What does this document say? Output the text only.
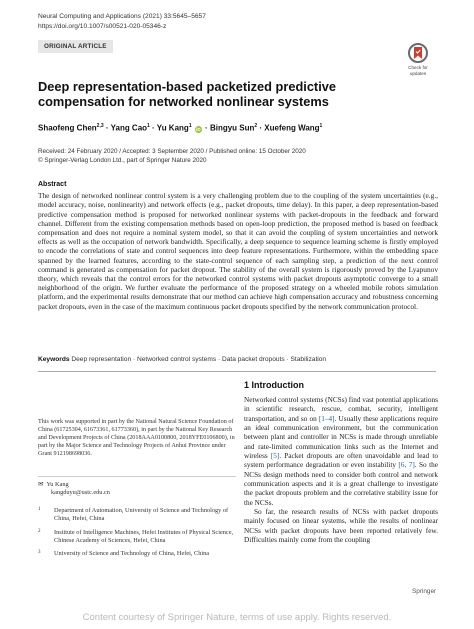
Neural Computing and Applications (2021) 33:5645–5657
https://doi.org/10.1007/s00521-020-05346-z
ORIGINAL ARTICLE
Check for
updates
Deep representation-based packetized predictive compensation for networked nonlinear systems
Shaofeng Chen$^{2,3}$ · Yang Cao$^1$ · Yu Kang$^1$ iD · Bingyu Sun$^2$ · Xuefeng Wang$^1$
Received: 24 February 2020 / Accepted: 3 September 2020 / Published online: 15 October 2020
© Springer-Verlag London Ltd., part of Springer Nature 2020
Abstract
The design of networked nonlinear control system is a very challenging problem due to the coupling of the system uncertainties (e.g., model accuracy, noise, nonlinearity) and network effects (e.g., packet dropouts, time delay). In this paper, a deep representation-based predictive compensation method is proposed for networked nonlinear systems with packet-dropouts in the feedback and forward channel. Different from the existing compensation methods based on open-loop prediction, the proposed method is based on feedback compensation and does not require a nominal system model, so that it can avoid the coupling of system uncertainties and network effects as well as the occupation of network bandwidth. Specifically, a deep sequence to sequence learning scheme is firstly employed to encode the correlations of state and control sequences into deep feature representations. Furthermore, within the embedding space spanned by the learned features, according to the state-control sequence of each sampling step, a prediction of the next control command is generated as compensation for packet dropout. The stability of the overall system is rigorously proved by the Lyapunov theory, which reveals that the control errors for the networked control systems with packet dropouts asymptotic converge to a small neighborhood of the origin. We further evaluate the performance of the proposed strategy on a wheeled mobile robots simulation platform, and the experimental results demonstrate that our method can achieve high compensation accuracy and robustness concerning packet dropouts, even in the case of the maximum continuous packet dropouts specified by the network communication protocol.
Keywords Deep representation · Networked control systems · Data packet dropouts · Stabilization
This work was supported in part by the National Natural Science Foundation of China (61725304, 61673361, 61773360), in part by the National Key Research and Development Projects of China (2018AAA0100800, 2018YFE0106800), in part by the Major Science and Technology Projects of Anhui Province under Grant 912198698036.
✉ Yu Kang
kangduyu@ustc.edu.cn
1 Department of Automation, University of Science and Technology of China, Hefei, China
2 Institute of Intelligence Machines, Hefei Institutes of Physical Science, Chinese Academy of Sciences, Hefei, China
3 University of Science and Technology of China, Hefei, China
1 Introduction

Networked control systems (NCSs) find vast potential applications in scientific research, rescue, combat, security, intelligent transportation, and so on [1–4]. Usually these applications require an ideal communication environment, but the communication between plant and controller in NCSs is made through unreliable and rate-limited communication links such as the Internet and wireless [5]. Packet dropouts are often unavoidable and lead to system performance degradation or even instability [6, 7]. So the NCSs design methods need to consider both control and network communication aspects and it is a great challenge to investigate the packet dropouts problem and the correlative stability issue for the NCSs.

So far, the research results of NCSs with packet dropouts mainly focused on linear systems, while the results of nonlinear NCSs with packet dropouts have been reported relatively few. Difficulties mainly come from the coupling

Springer
Content courtesy of Springer Nature, terms of use apply. Rights reserved.
